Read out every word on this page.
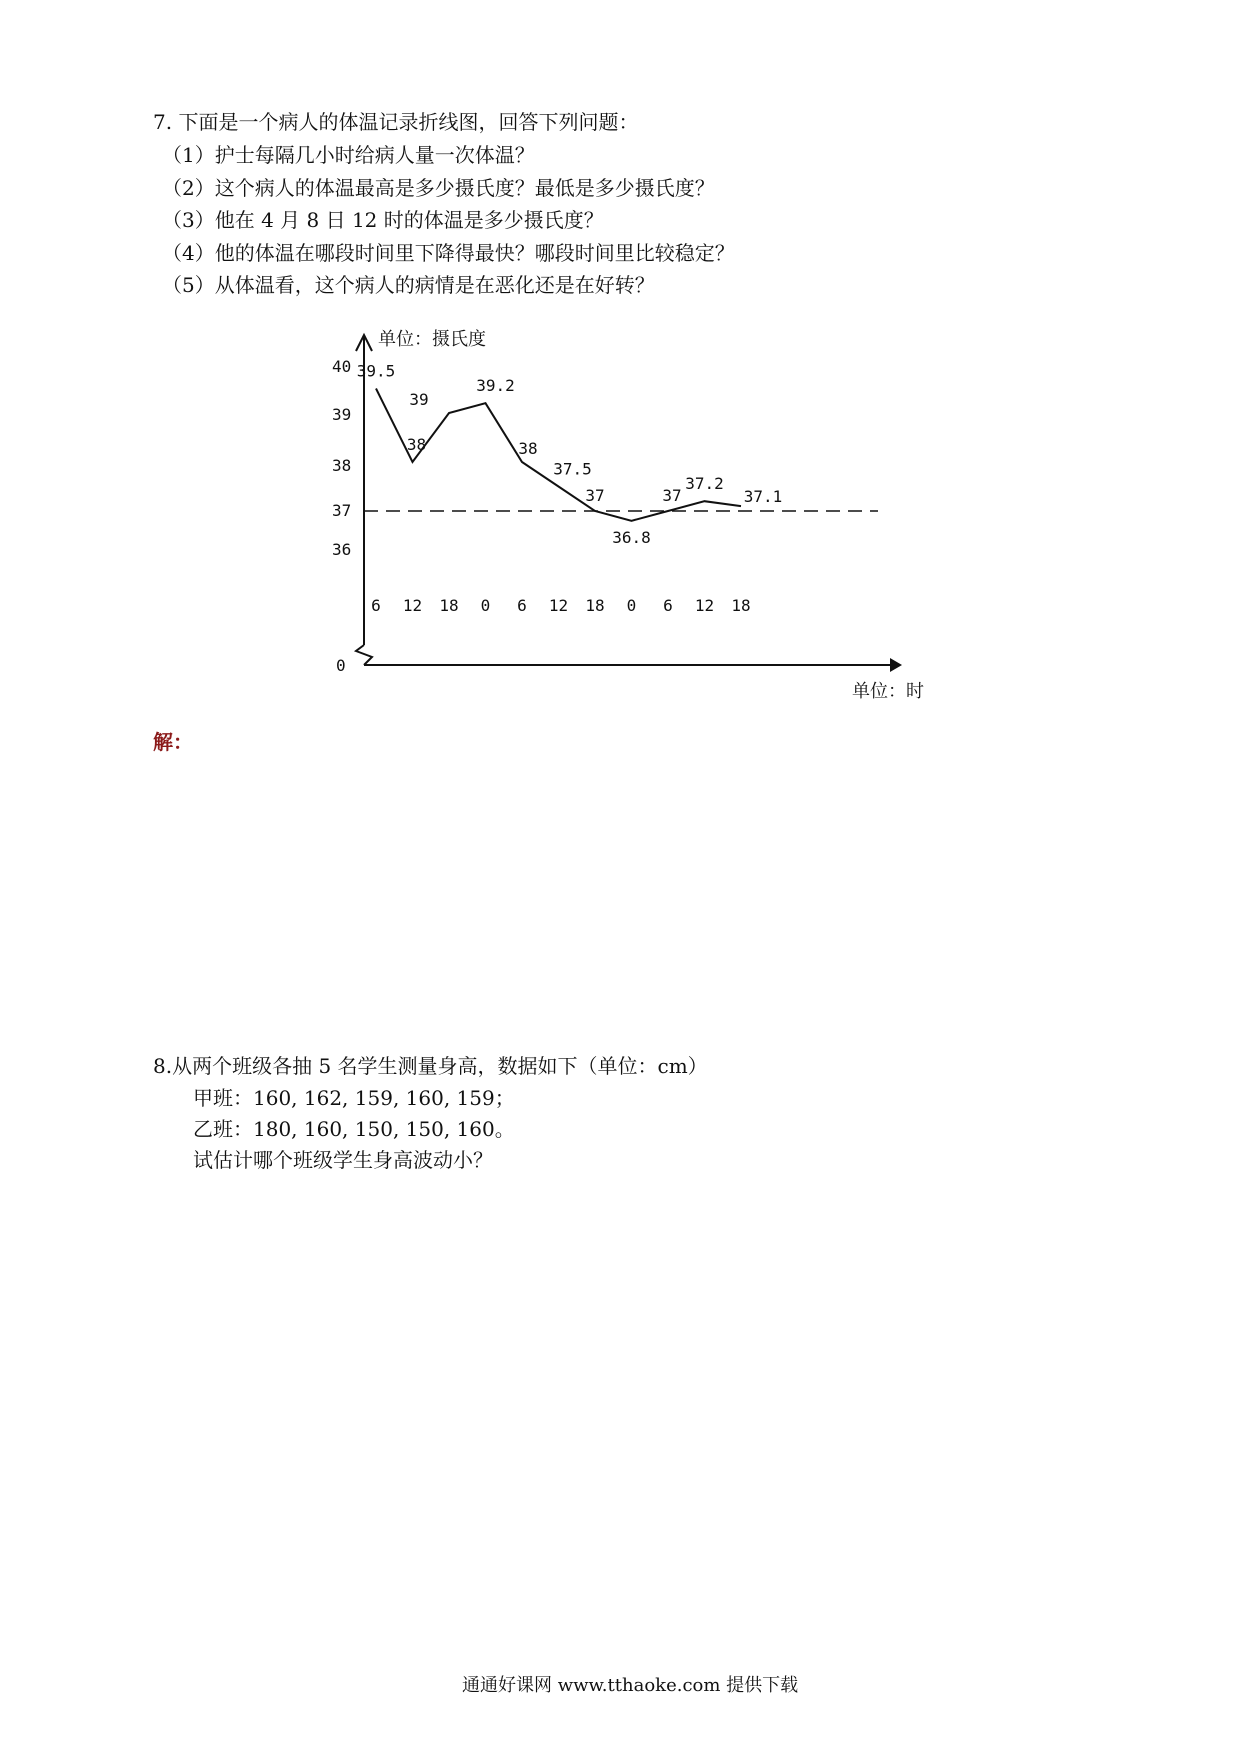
7. 下面是一个病人的体温记录折线图，回答下列问题：
（1）护士每隔几小时给病人量一次体温？
（2）这个病人的体温最高是多少摄氏度？最低是多少摄氏度？
（3）他在 4 月 8 日 12 时的体温是多少摄氏度？
（4）他的体温在哪段时间里下降得最快？哪段时间里比较稳定？
（5）从体温看，这个病人的病情是在恶化还是在好转？
0
36
37
38
39
40
单位：摄氏度
单位：时
6 12 18 0 6 12 18 0 6 12 18
39.5
38
39
39.2
38
37.5
37
36.8
37
37.2
37.1
解：
8.从两个班级各抽 5 名学生测量身高，数据如下（单位：cm）
甲班：160, 162, 159, 160, 159；
乙班：180, 160, 150, 150, 160。
试估计哪个班级学生身高波动小？
通通好课网 www.tthaoke.com 提供下载
